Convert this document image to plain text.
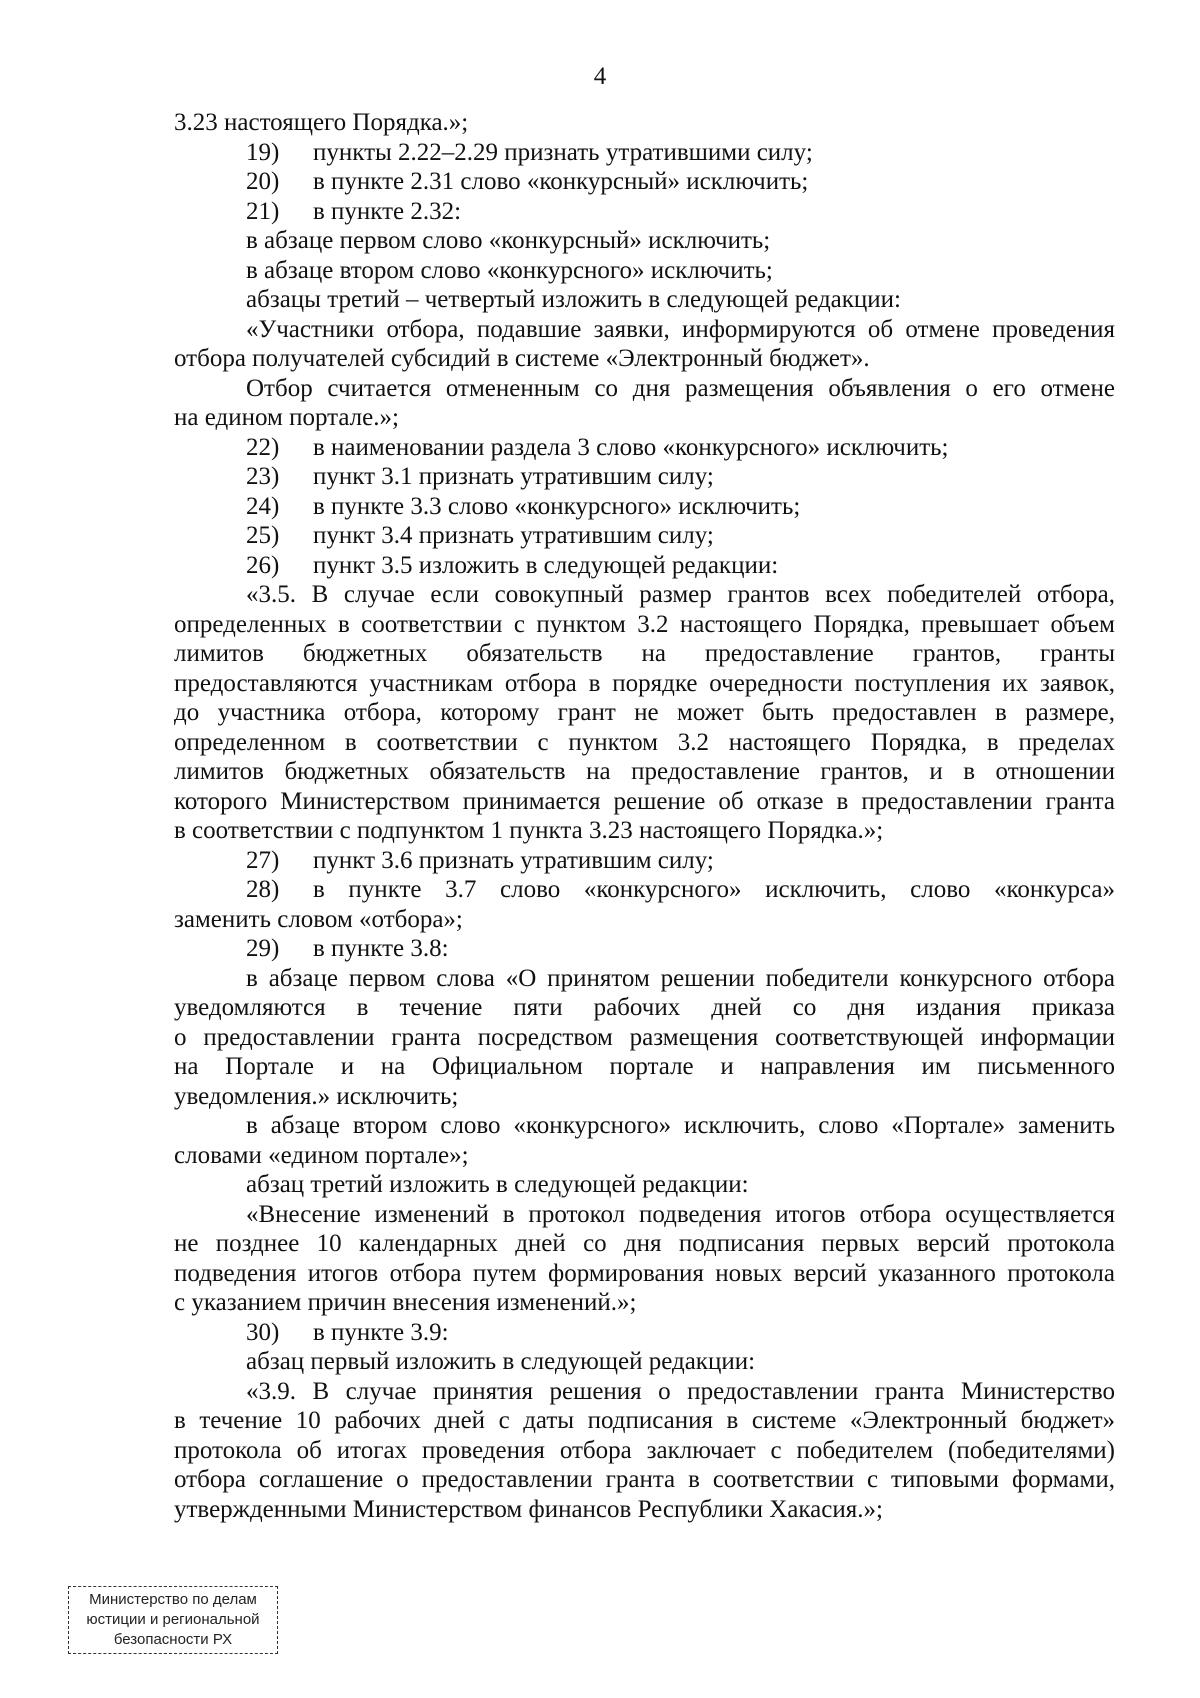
4
3.23 настоящего Порядка.»;
19) пункты 2.22–2.29 признать утратившими силу;
20) в пункте 2.31 слово «конкурсный» исключить;
21) в пункте 2.32:
в абзаце первом слово «конкурсный» исключить;
в абзаце втором слово «конкурсного» исключить;
абзацы третий – четвертый изложить в следующей редакции:
«Участники отбора, подавшие заявки, информируются об отмене проведения
отбора получателей субсидий в системе «Электронный бюджет».
Отбор считается отмененным со дня размещения объявления о его отмене
на едином портале.»;
22) в наименовании раздела 3 слово «конкурсного» исключить;
23) пункт 3.1 признать утратившим силу;
24) в пункте 3.3 слово «конкурсного» исключить;
25) пункт 3.4 признать утратившим силу;
26) пункт 3.5 изложить в следующей редакции:
«3.5. В случае если совокупный размер грантов всех победителей отбора,
определенных в соответствии с пунктом 3.2 настоящего Порядка, превышает объем
лимитов бюджетных обязательств на предоставление грантов, гранты
предоставляются участникам отбора в порядке очередности поступления их заявок,
до участника отбора, которому грант не может быть предоставлен в размере,
определенном в соответствии с пунктом 3.2 настоящего Порядка, в пределах
лимитов бюджетных обязательств на предоставление грантов, и в отношении
которого Министерством принимается решение об отказе в предоставлении гранта
в соответствии с подпунктом 1 пункта 3.23 настоящего Порядка.»;
27) пункт 3.6 признать утратившим силу;
28) в пункте 3.7 слово «конкурсного» исключить, слово «конкурса»
заменить словом «отбора»;
29) в пункте 3.8:
в абзаце первом слова «О принятом решении победители конкурсного отбора
уведомляются в течение пяти рабочих дней со дня издания приказа
о предоставлении гранта посредством размещения соответствующей информации
на Портале и на Официальном портале и направления им письменного
уведомления.» исключить;
в абзаце втором слово «конкурсного» исключить, слово «Портале» заменить
словами «едином портале»;
абзац третий изложить в следующей редакции:
«Внесение изменений в протокол подведения итогов отбора осуществляется
не позднее 10 календарных дней со дня подписания первых версий протокола
подведения итогов отбора путем формирования новых версий указанного протокола
с указанием причин внесения изменений.»;
30) в пункте 3.9:
абзац первый изложить в следующей редакции:
«3.9. В случае принятия решения о предоставлении гранта Министерство
в течение 10 рабочих дней с даты подписания в системе «Электронный бюджет»
протокола об итогах проведения отбора заключает с победителем (победителями)
отбора соглашение о предоставлении гранта в соответствии с типовыми формами,
утвержденными Министерством финансов Республики Хакасия.»;
Министерство по делам
юстиции и региональной
безопасности РХ
